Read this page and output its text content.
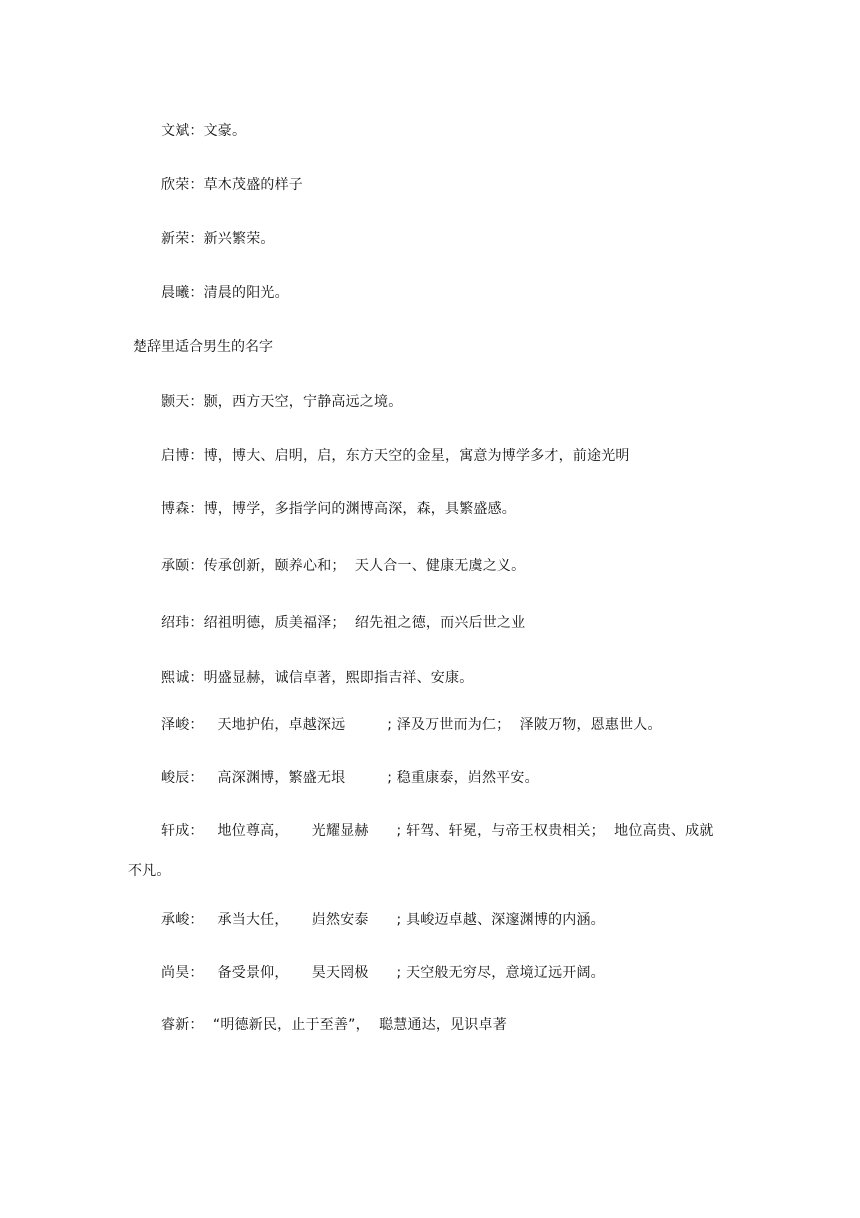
文斌：文豪。
欣荣：草木茂盛的样子
新荣：新兴繁荣。
晨曦：清晨的阳光。
楚辞里适合男生的名字
颢天：颢，西方天空，宁静高远之境。
启博：博，博大、启明，启，东方天空的金星，寓意为博学多才，前途光明
博森：博，博学，多指学问的渊博高深，森，具繁盛感。
承颐：传承创新，颐养心和；  天人合一、健康无虞之义。
绍玮：绍祖明德，质美福泽；  绍先祖之德，而兴后世之业
熙诚：明盛显赫，诚信卓著，熙即指吉祥、安康。
泽峻：   天地护佑，卓越深远         ; 泽及万世而为仁；  泽陂万物，恩惠世人。
峻辰：   高深渊博，繁盛无垠         ; 稳重康泰，岿然平安。
轩成：   地位尊高，     光耀显赫      ; 轩驾、轩冕，与帝王权贵相关；  地位高贵、成就
不凡。
承峻：   承当大任，     岿然安泰      ; 具峻迈卓越、深邃渊博的内涵。
尚昊：   备受景仰，     昊天罔极      ; 天空般无穷尽，意境辽远开阔。
睿新：  “明德新民，止于至善”，  聪慧通达，见识卓著
